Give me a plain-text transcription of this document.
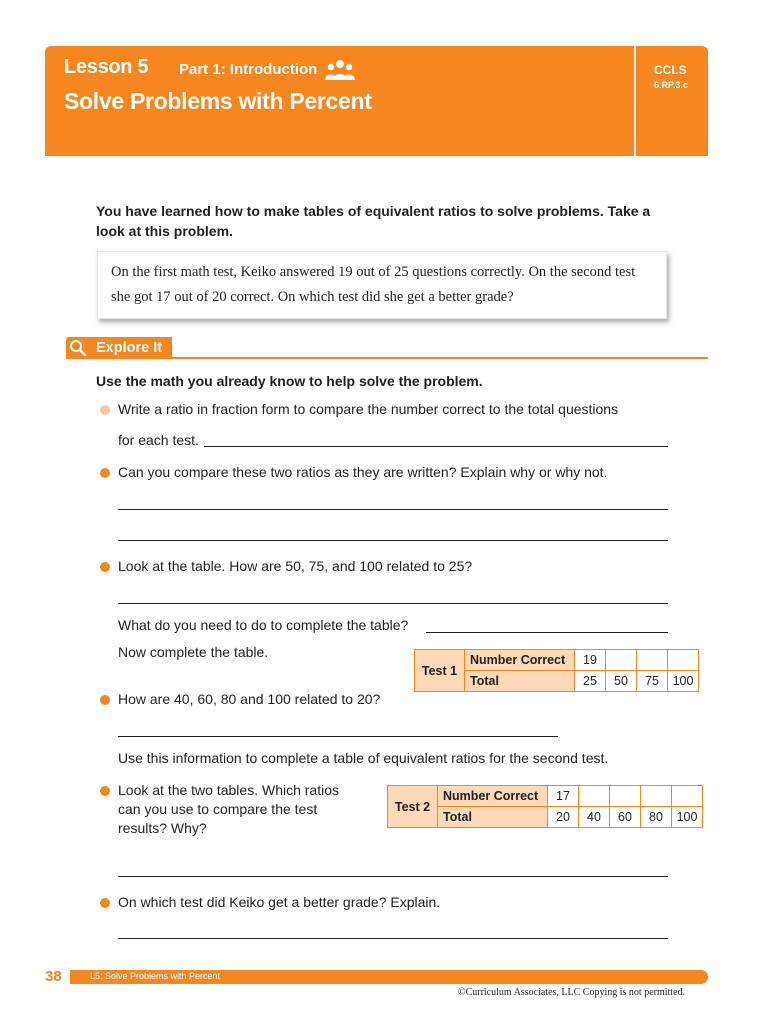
Lesson 5 Part 1: Introduction
Solve Problems with Percent
CCLS
6.RP.3.c
You have learned how to make tables of equivalent ratios to solve problems. Take a look at this problem.
On the first math test, Keiko answered 19 out of 25 questions correctly. On the second test she got 17 out of 20 correct. On which test did she get a better grade?
Explore It
Use the math you already know to help solve the problem.
Write a ratio in fraction form to compare the number correct to the total questions
for each test.
Can you compare these two ratios as they are written? Explain why or why not.
Look at the table. How are 50, 75, and 100 related to 25?
What do you need to do to complete the table?
Now complete the table.
Test 1	Number Correct	19			
	Total	25	50	75	100
How are 40, 60, 80 and 100 related to 20?
Use this information to complete a table of equivalent ratios for the second test.
Look at the two tables. Which ratios
can you use to compare the test
results? Why?
Test 2	Number Correct	17				
	Total	20	40	60	80	100
On which test did Keiko get a better grade? Explain.
38	L5: Solve Problems with Percent
©Curriculum Associates, LLC Copying is not permitted.
